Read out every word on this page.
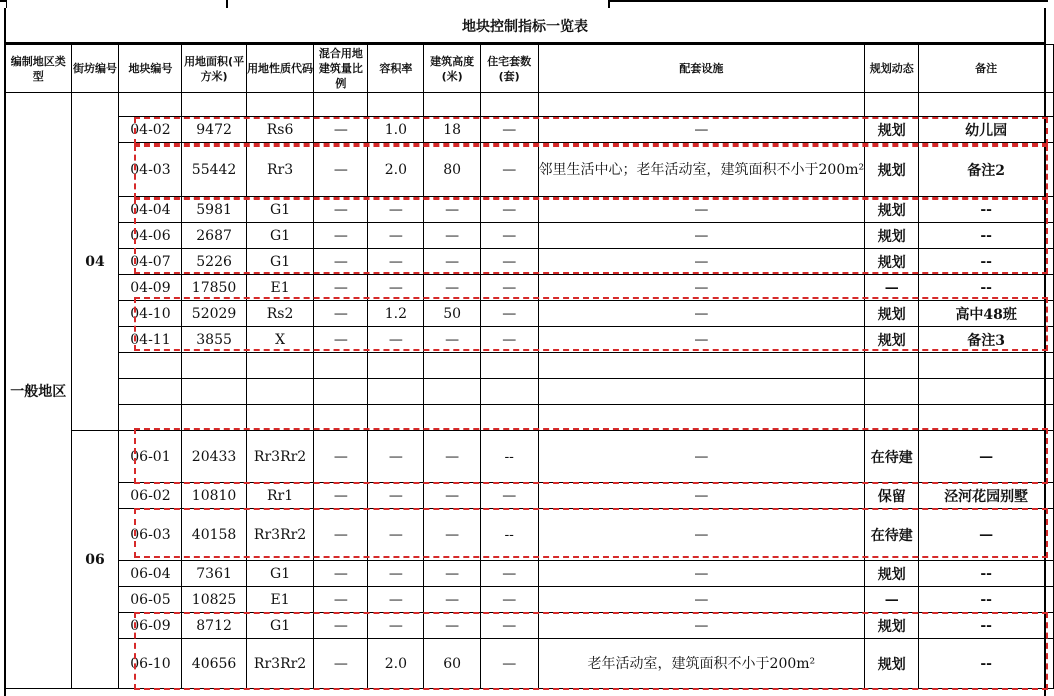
地块控制指标一览表
编制地区类型	街坊编号	地块编号	用地面积(平方米)	用地性质代码	混合用地建筑量比例	容积率	建筑高度(米)	住宅套数(套)	配套设施	规划动态	备注
一般地区	04										
		04-02	9472	Rs6	—	1.0	18	—	—	规划	幼儿园
		04-03	55442	Rr3	—	2.0	80	—	邻里生活中心；老年活动室，建筑面积不小于200m²	规划	备注2
		04-04	5981	G1	—	—	—	—	—	规划	--
		04-06	2687	G1	—	—	—	—	—	规划	--
		04-07	5226	G1	—	—	—	—	—	规划	--
		04-09	17850	E1	—	—	—	—	—	—	--
		04-10	52029	Rs2	—	1.2	50	—	—	规划	高中48班
		04-11	3855	X	—	—	—	—	—	规划	备注3

	06	06-01	20433	Rr3Rr2	—	—	—	--	—	在待建	—
		06-02	10810	Rr1	—	—	—	—	—	保留	泾河花园别墅
		06-03	40158	Rr3Rr2	—	—	—	--	—	在待建	—
		06-04	7361	G1	—	—	—	—	—	规划	--
		06-05	10825	E1	—	—	—	—	—	—	--
		06-09	8712	G1	—	—	—	—	—	规划	--
		06-10	40656	Rr3Rr2	—	2.0	60	—	老年活动室，建筑面积不小于200m²	规划	--
